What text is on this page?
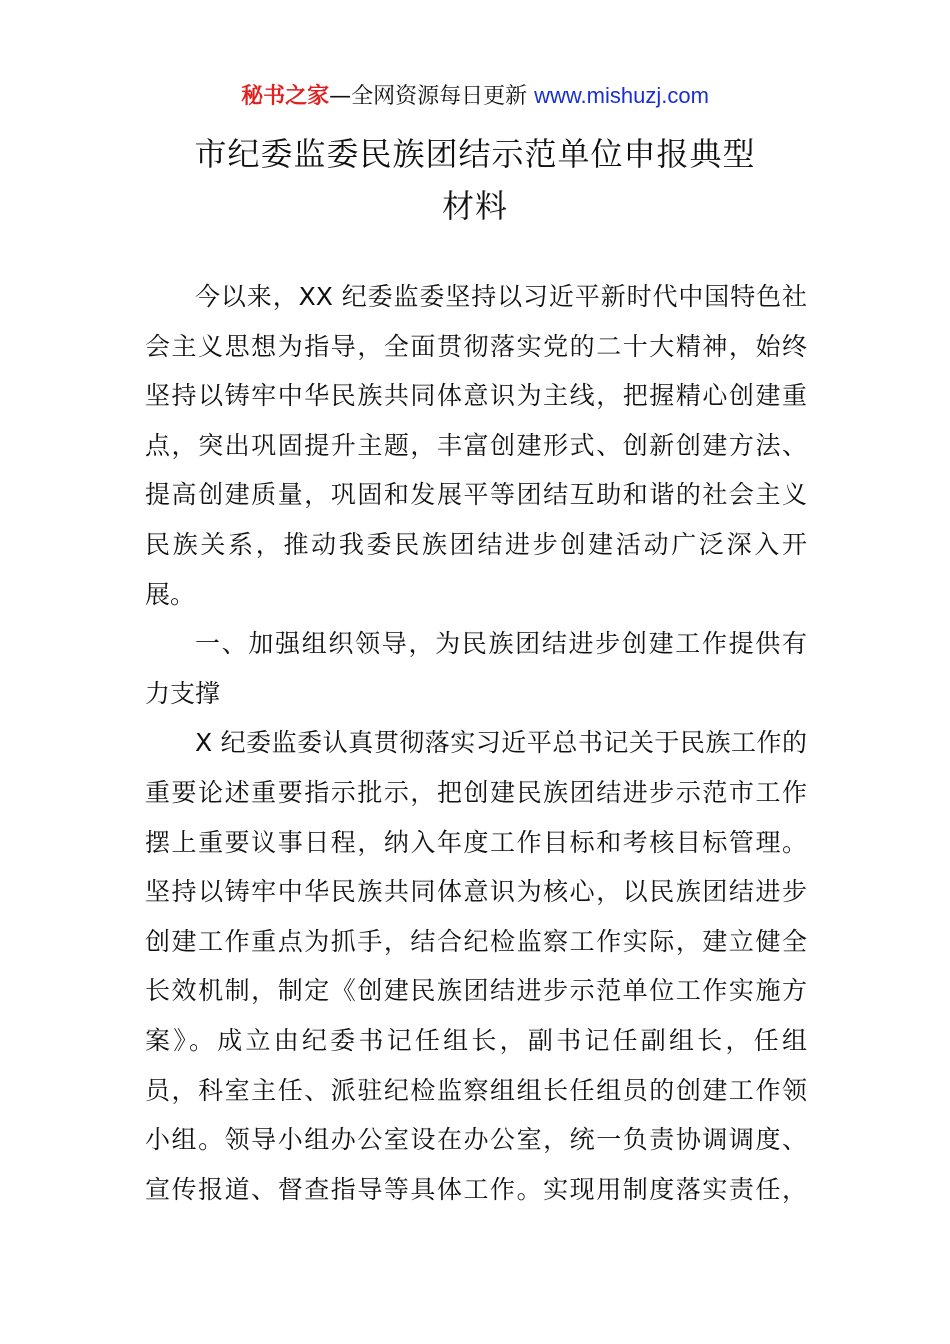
秘书之家—全网资源每日更新 www.mishuzj.com
市纪委监委民族团结示范单位申报典型
材料
今以来，XX 纪委监委坚持以习近平新时代中国特色社
会主义思想为指导，全面贯彻落实党的二十大精神，始终
坚持以铸牢中华民族共同体意识为主线，把握精心创建重
点，突出巩固提升主题，丰富创建形式、创新创建方法、
提高创建质量，巩固和发展平等团结互助和谐的社会主义
民族关系，推动我委民族团结进步创建活动广泛深入开
展。
一、加强组织领导，为民族团结进步创建工作提供有
力支撑
X 纪委监委认真贯彻落实习近平总书记关于民族工作的
重要论述重要指示批示，把创建民族团结进步示范市工作
摆上重要议事日程，纳入年度工作目标和考核目标管理。
坚持以铸牢中华民族共同体意识为核心，以民族团结进步
创建工作重点为抓手，结合纪检监察工作实际，建立健全
长效机制，制定《创建民族团结进步示范单位工作实施方
案》。成立由纪委书记任组长，副书记任副组长，任组
员，科室主任、派驻纪检监察组组长任组员的创建工作领
小组。领导小组办公室设在办公室，统一负责协调调度、
宣传报道、督查指导等具体工作。实现用制度落实责任，
